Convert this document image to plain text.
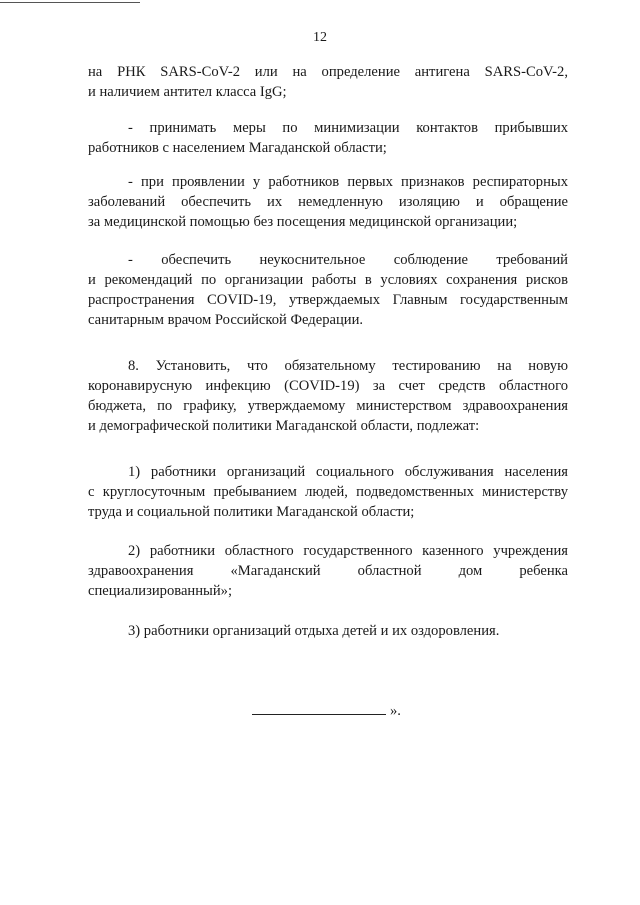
12

на РНК SARS-CoV-2 или на определение антигена SARS-CoV-2,
и наличием антител класса IgG;

- принимать меры по минимизации контактов прибывших
работников с населением Магаданской области;

- при проявлении у работников первых признаков респираторных
заболеваний обеспечить их немедленную изоляцию и обращение
за медицинской помощью без посещения медицинской организации;

- обеспечить неукоснительное соблюдение требований
и рекомендаций по организации работы в условиях сохранения рисков
распространения COVID-19, утверждаемых Главным государственным
санитарным врачом Российской Федерации.

8. Установить, что обязательному тестированию на новую
коронавирусную инфекцию (COVID-19) за счет средств областного
бюджета, по графику, утверждаемому министерством здравоохранения
и демографической политики Магаданской области, подлежат:

1) работники организаций социального обслуживания населения
с круглосуточным пребыванием людей, подведомственных министерству
труда и социальной политики Магаданской области;

2) работники областного государственного казенного учреждения
здравоохранения «Магаданский областной дом ребенка
специализированный»;

3) работники организаций отдыха детей и их оздоровления.

».
